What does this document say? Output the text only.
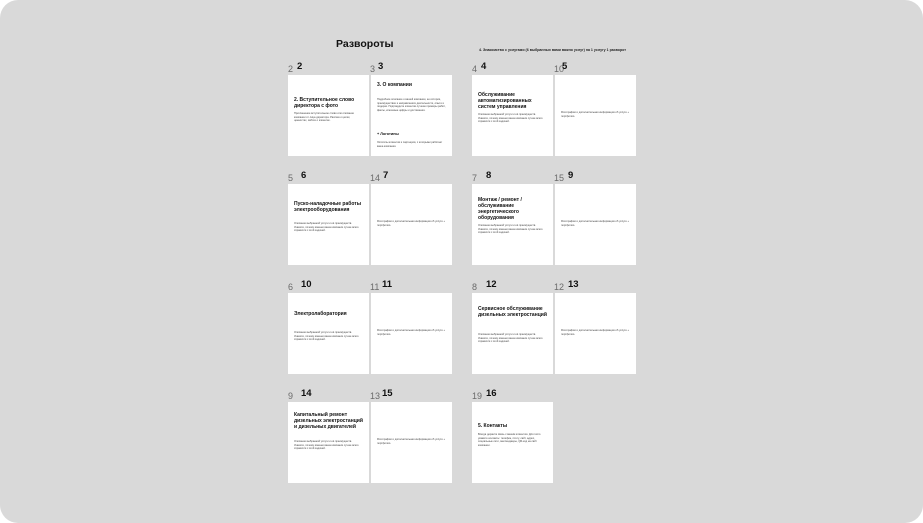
Развороты	4. Знакомство с услугами (6 выбранных вами важно услуг) на 1 услугу 1 разворот
2 2	3 3
2. Вступительное слово директора с фото
Приглашение вступительное слово или описание компании от лица директора. Рассказ о целях, ценностях, заботе о клиентах.
3. О компании
Подробное описание о вашей компании, ее истории, преимуществах и направлениях деятельности, опыте и лидерах. Подтвердите клиентов лучшие примеры работ, факты, ключевые цифры и достижения.
+ Логотипы
Логотипы клиентов и партнеров, с которыми работает ваша компания.
4 4	10
5
Обслуживание автоматизированных систем управления
Описание выбранной услуги и её преимуществ. Укажите, почему именно ваша компания лучше всего справится с этой задачей.
Фотографии и дополнительная информация об услуге + портфолио.
5 6	14 7
Пуско-наладочные работы электрооборудования
Описание выбранной услуги и её преимуществ. Укажите, почему именно ваша компания лучше всего справится с этой задачей.
Фотографии и дополнительная информация об услуге + портфолио.
7 8	15 9
Монтаж / ремонт / обслуживание энергетического оборудования
Описание выбранной услуги и её преимуществ. Укажите, почему именно ваша компания лучше всего справится с этой задачей.
Фотографии и дополнительная информация об услуге + портфолио.
6 10	11 11
Электролаборатория
Описание выбранной услуги и её преимуществ. Укажите, почему именно ваша компания лучше всего справится с этой задачей.
Фотографии и дополнительная информация об услуге + портфолио.
8 12	12 13
Сервисное обслуживание дизельных электростанций
Описание выбранной услуги и её преимуществ. Укажите, почему именно ваша компания лучше всего справится с этой задачей.
Фотографии и дополнительная информация об услуге + портфолио.
9 14	13 15
Капитальный ремонт дизельных электростанций и дизельных двигателей
Описание выбранной услуги и её преимуществ. Укажите, почему именно ваша компания лучше всего справится с этой задачей.
Фотографии и дополнительная информация об услуге + портфолио.
19 16
5. Контакты
Всегда держите связь с вашим клиентом. Для этого укажите контакты: телефон, почту, сайт, адрес, социальные сети, мессенджеры, QR-код на сайт компании.
